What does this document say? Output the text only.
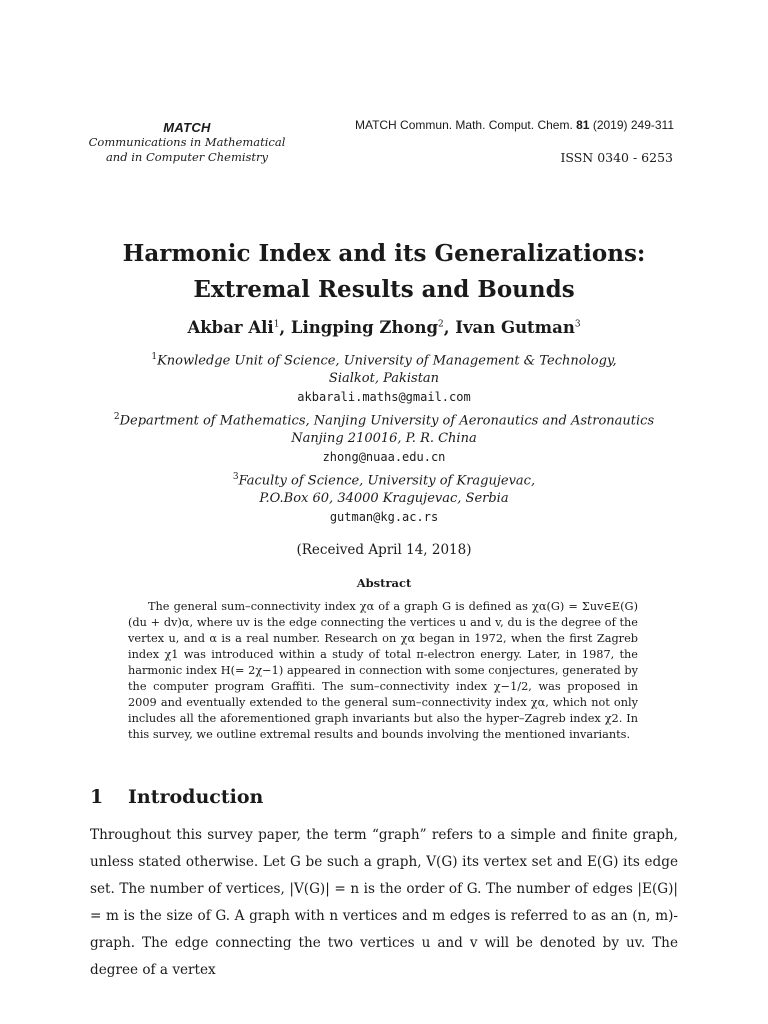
MATCH
Communications in Mathematical
and in Computer Chemistry
MATCH Commun. Math. Comput. Chem. 81 (2019) 249-311
ISSN 0340 - 6253
Harmonic Index and its Generalizations:
Extremal Results and Bounds
Akbar Ali$^1$, Lingping Zhong$^2$, Ivan Gutman$^3$
$^1$Knowledge Unit of Science, University of Management & Technology,
Sialkot, Pakistan
akbarali.maths@gmail.com
$^2$Department of Mathematics, Nanjing University of Aeronautics and Astronautics
Nanjing 210016, P. R. China
zhong@nuaa.edu.cn
$^3$Faculty of Science, University of Kragujevac,
P.O.Box 60, 34000 Kragujevac, Serbia
gutman@kg.ac.rs
(Received April 14, 2018)
Abstract

The general sum–connectivity index χα of a graph G is defined as χα(G) = Σuv∈E(G)(du + dv)α, where uv is the edge connecting the vertices u and v, du is the degree of the vertex u, and α is a real number. Research on χα began in 1972, when the first Zagreb index χ1 was introduced within a study of total π-electron energy. Later, in 1987, the harmonic index H(= 2χ−1) appeared in connection with some conjectures, generated by the computer program Graffiti. The sum–connectivity index χ−1/2, was proposed in 2009 and eventually extended to the general sum–connectivity index χα, which not only includes all the aforementioned graph invariants but also the hyper–Zagreb index χ2. In this survey, we outline extremal results and bounds involving the mentioned invariants.

1 Introduction

Throughout this survey paper, the term “graph” refers to a simple and finite graph, unless stated otherwise. Let G be such a graph, V(G) its vertex set and E(G) its edge set. The number of vertices, |V(G)| = n is the order of G. The number of edges |E(G)| = m is the size of G. A graph with n vertices and m edges is referred to as an (n, m)-graph. The edge connecting the two vertices u and v will be denoted by uv. The degree of a vertex
